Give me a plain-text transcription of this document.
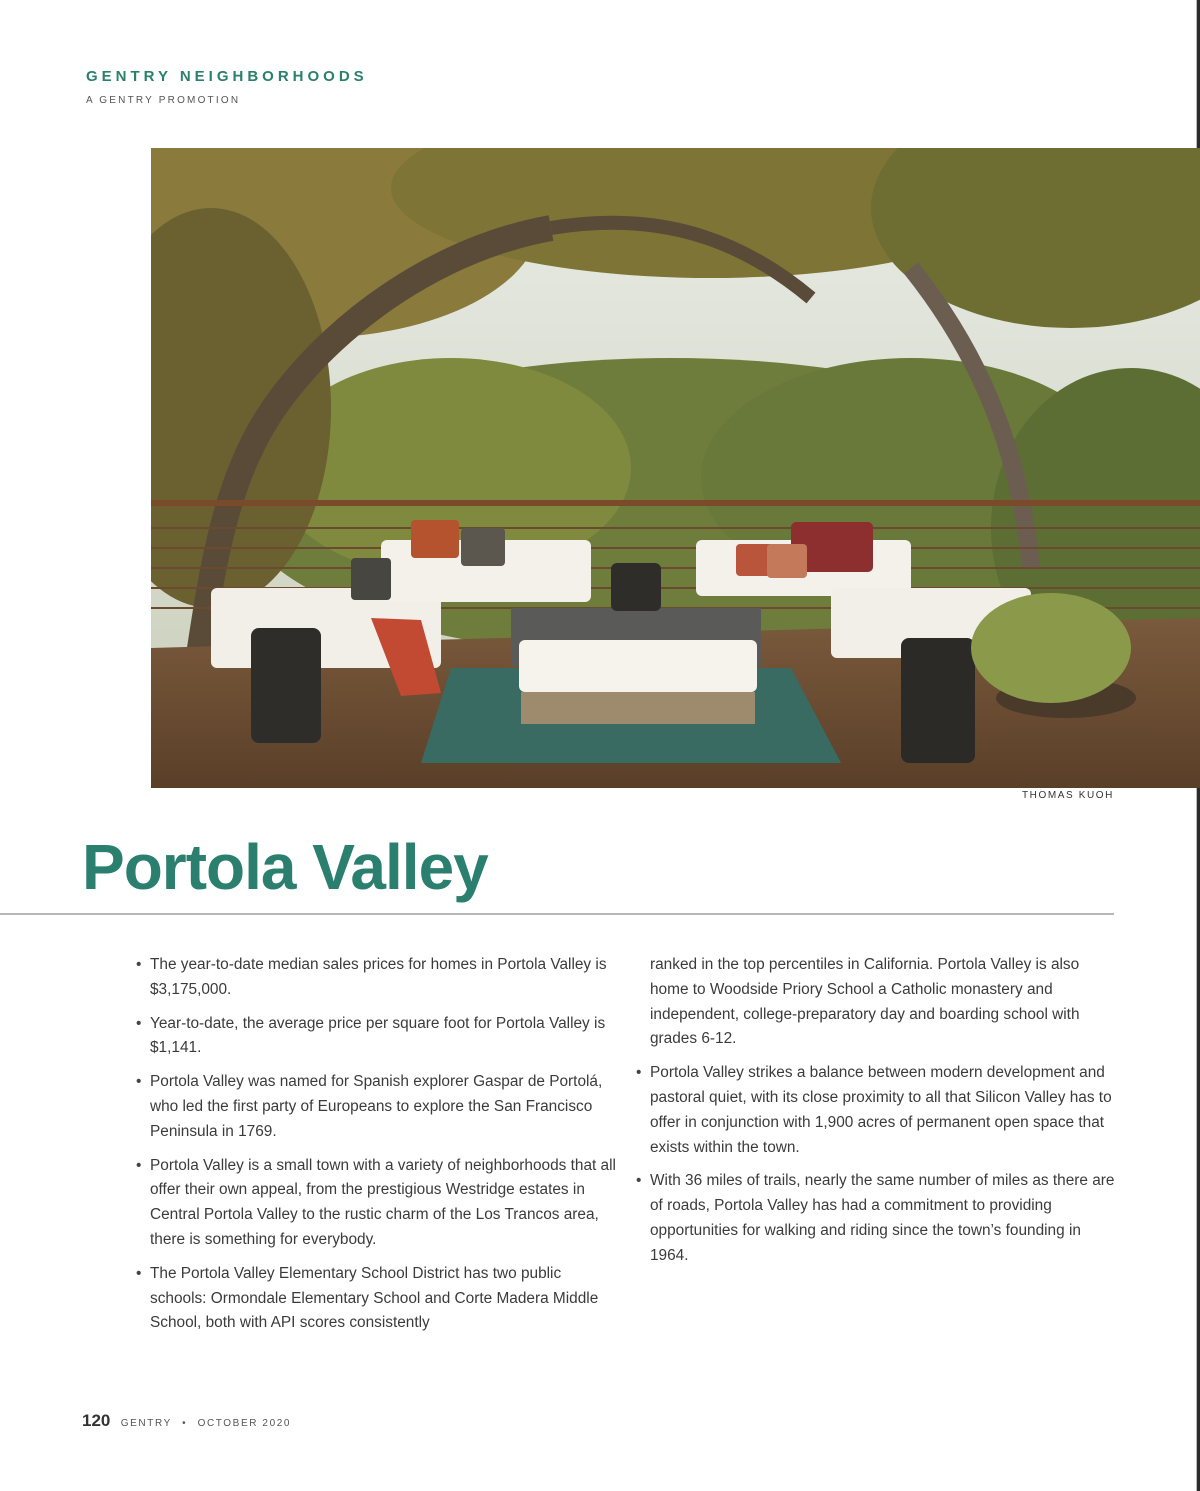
GENTRY NEIGHBORHOODS
A GENTRY PROMOTION
THOMAS KUOH
Portola Valley
• The year-to-date median sales prices for homes in Portola Valley is $3,175,000.
• Year-to-date, the average price per square foot for Portola Valley is $1,141.
• Portola Valley was named for Spanish explorer Gaspar de Portolá, who led the first party of Europeans to explore the San Francisco Peninsula in 1769.
• Portola Valley is a small town with a variety of neighborhoods that all offer their own appeal, from the prestigious Westridge estates in Central Portola Valley to the rustic charm of the Los Trancos area, there is something for everybody.
• The Portola Valley Elementary School District has two public schools: Ormondale Elementary School and Corte Madera Middle School, both with API scores consistently
ranked in the top percentiles in California. Portola Valley is also home to Woodside Priory School a Catholic monastery and independent, college-preparatory day and boarding school with grades 6-12.
• Portola Valley strikes a balance between modern development and pastoral quiet, with its close proximity to all that Silicon Valley has to offer in conjunction with 1,900 acres of permanent open space that exists within the town.
• With 36 miles of trails, nearly the same number of miles as there are of roads, Portola Valley has had a commitment to providing opportunities for walking and riding since the town’s founding in 1964.
120 GENTRY • OCTOBER 2020
